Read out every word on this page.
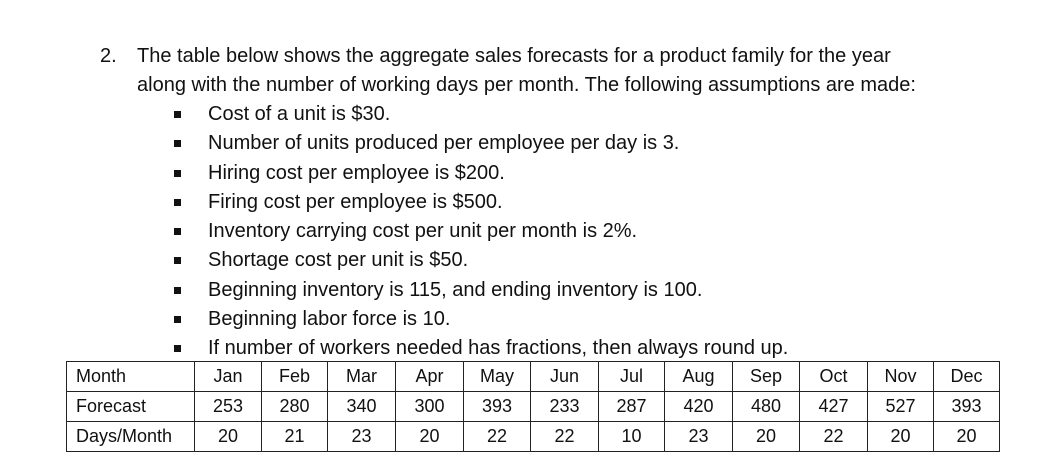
2. The table below shows the aggregate sales forecasts for a product family for the year
along with the number of working days per month. The following assumptions are made:
Cost of a unit is $30.
Number of units produced per employee per day is 3.
Hiring cost per employee is $200.
Firing cost per employee is $500.
Inventory carrying cost per unit per month is 2%.
Shortage cost per unit is $50.
Beginning inventory is 115, and ending inventory is 100.
Beginning labor force is 10.
If number of workers needed has fractions, then always round up.
Month	Jan	Feb	Mar	Apr	May	Jun	Jul	Aug	Sep	Oct	Nov	Dec
Forecast	253	280	340	300	393	233	287	420	480	427	527	393
Days/Month	20	21	23	20	22	22	10	23	20	22	20	20
